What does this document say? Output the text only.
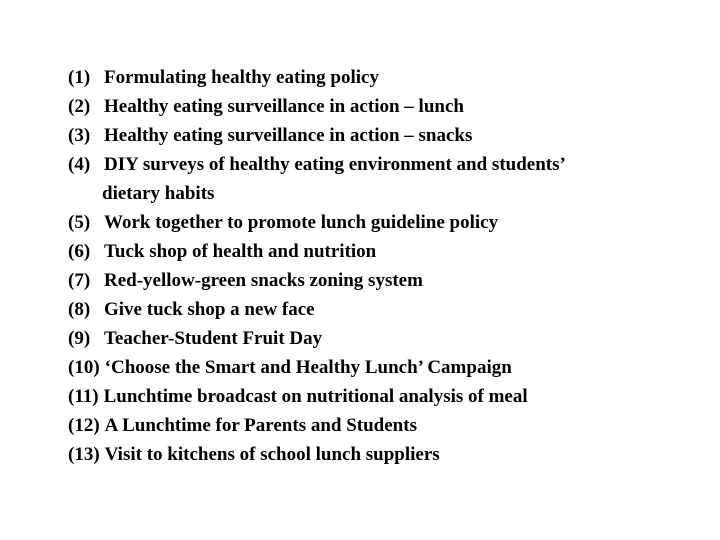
(1) Formulating healthy eating policy
(2) Healthy eating surveillance in action – lunch
(3) Healthy eating surveillance in action – snacks
(4) DIY surveys of healthy eating environment and students’
dietary habits
(5) Work together to promote lunch guideline policy
(6) Tuck shop of health and nutrition
(7) Red-yellow-green snacks zoning system
(8) Give tuck shop a new face
(9) Teacher-Student Fruit Day
(10) ‘Choose the Smart and Healthy Lunch’ Campaign
(11) Lunchtime broadcast on nutritional analysis of meal
(12) A Lunchtime for Parents and Students
(13) Visit to kitchens of school lunch suppliers
